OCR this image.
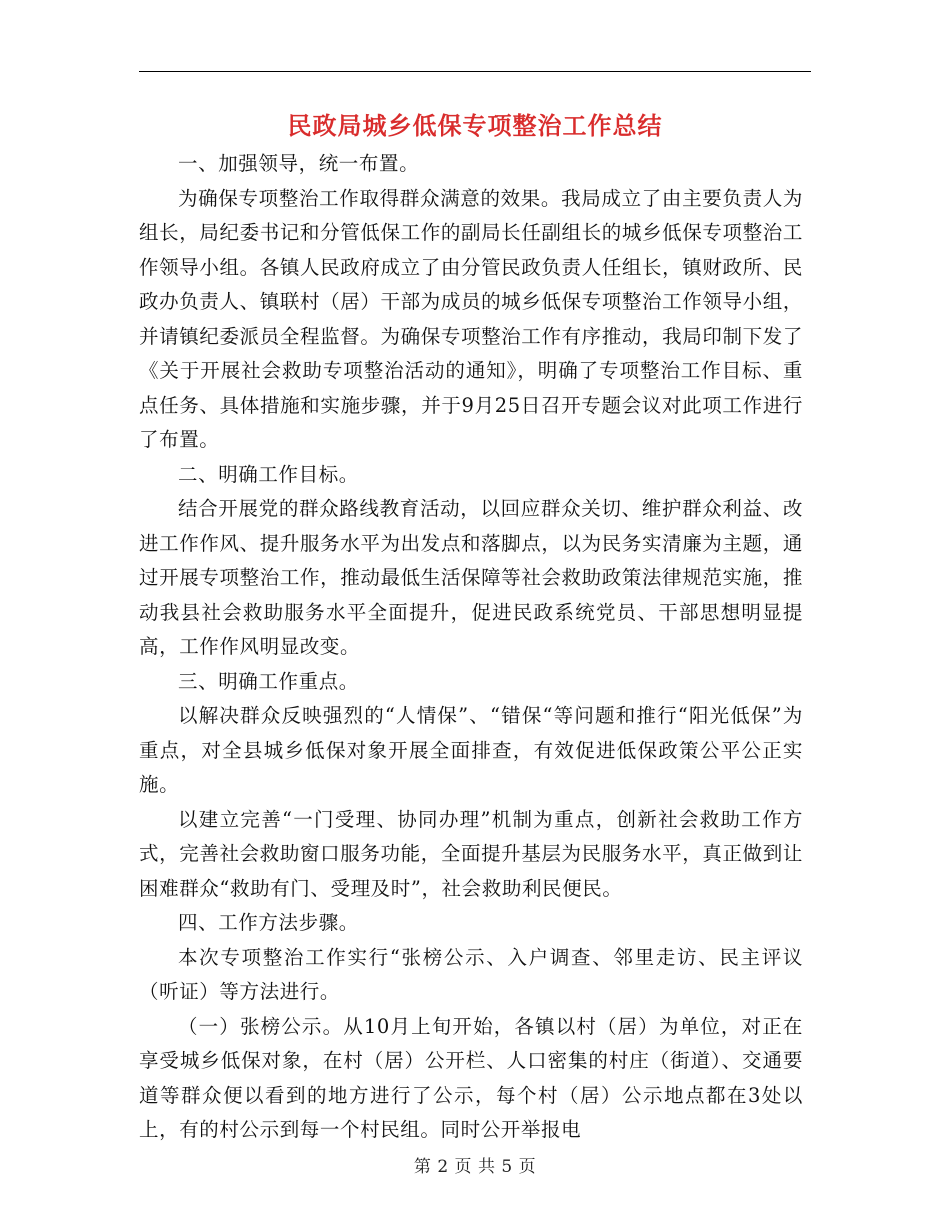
民政局城乡低保专项整治工作总结

一、加强领导，统一布置。

为确保专项整治工作取得群众满意的效果。我局成立了由主要负责人为组长，局纪委书记和分管低保工作的副局长任副组长的城乡低保专项整治工作领导小组。各镇人民政府成立了由分管民政负责人任组长，镇财政所、民政办负责人、镇联村（居）干部为成员的城乡低保专项整治工作领导小组，并请镇纪委派员全程监督。为确保专项整治工作有序推动，我局印制下发了《关于开展社会救助专项整治活动的通知》，明确了专项整治工作目标、重点任务、具体措施和实施步骤，并于9月25日召开专题会议对此项工作进行了布置。

二、明确工作目标。

结合开展党的群众路线教育活动，以回应群众关切、维护群众利益、改进工作作风、提升服务水平为出发点和落脚点，以为民务实清廉为主题，通过开展专项整治工作，推动最低生活保障等社会救助政策法律规范实施，推动我县社会救助服务水平全面提升，促进民政系统党员、干部思想明显提高，工作作风明显改变。

三、明确工作重点。

以解决群众反映强烈的“人情保”、“错保“等问题和推行“阳光低保”为重点，对全县城乡低保对象开展全面排查，有效促进低保政策公平公正实施。

以建立完善“一门受理、协同办理”机制为重点，创新社会救助工作方式，完善社会救助窗口服务功能，全面提升基层为民服务水平，真正做到让困难群众“救助有门、受理及时”，社会救助利民便民。

四、工作方法步骤。

本次专项整治工作实行“张榜公示、入户调查、邻里走访、民主评议（听证）等方法进行。

（一）张榜公示。从10月上旬开始，各镇以村（居）为单位，对正在享受城乡低保对象，在村（居）公开栏、人口密集的村庄（街道）、交通要道等群众便以看到的地方进行了公示，每个村（居）公示地点都在3处以上，有的村公示到每一个村民组。同时公开举报电

第 2 页 共 5 页
